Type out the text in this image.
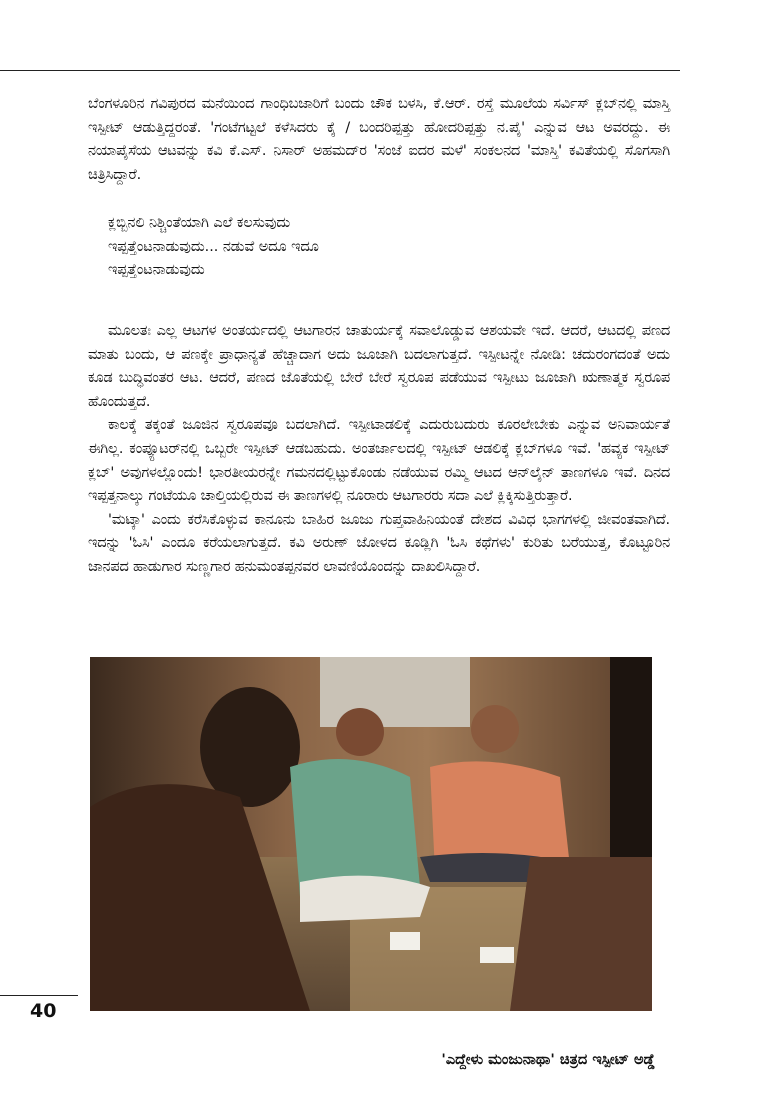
ಬೆಂಗಳೂರಿನ ಗವಿಪುರದ ಮನೆಯಿಂದ ಗಾಂಧಿಬಜಾರಿಗೆ ಬಂದು ಚೌಕ ಬಳಸಿ, ಕೆ.ಆರ್. ರಸ್ತೆ ಮೂಲೆಯ ಸರ್ವಿಸ್ ಕ್ಲಬ್‌ನಲ್ಲಿ ಮಾಸ್ತಿ ಇಸ್ಪೀಟ್ ಆಡುತ್ತಿದ್ದರಂತೆ. 'ಗಂಟೆಗಟ್ಟಲೆ ಕಳೆಸಿದರು ಕೈ / ಬಂದರಿಪ್ಪತ್ತು ಹೋದರಿಪ್ಪತ್ತು ನ.ಪೈ' ಎನ್ನುವ ಆಟ ಅವರದ್ದು. ಈ ನಯಾಪೈಸೆಯ ಆಟವನ್ನು ಕವಿ ಕೆ.ಎಸ್. ನಿಸಾರ್ ಅಹಮದ್‌ರ 'ಸಂಜೆ ಐದರ ಮಳೆ' ಸಂಕಲನದ 'ಮಾಸ್ತಿ' ಕವಿತೆಯಲ್ಲಿ ಸೊಗಸಾಗಿ ಚಿತ್ರಿಸಿದ್ದಾರೆ.

ಕ್ಲಬ್ಬಿನಲಿ ನಿಶ್ಚಿಂತೆಯಾಗಿ ಎಲೆ ಕಲಸುವುದು
ಇಪ್ಪತ್ತೆಂಟನಾಡುವುದು... ನಡುವೆ ಅದೂ ಇದೂ
ಇಪ್ಪತ್ತೆಂಟನಾಡುವುದು

ಮೂಲತಃ ಎಲ್ಲ ಆಟಗಳ ಅಂತರ್ಯದಲ್ಲಿ ಆಟಗಾರನ ಚಾತುರ್ಯಕ್ಕೆ ಸವಾಲೊಡ್ಡುವ ಆಶಯವೇ ಇದೆ. ಆದರೆ, ಆಟದಲ್ಲಿ ಪಣದ ಮಾತು ಬಂದು, ಆ ಪಣಕ್ಕೇ ಪ್ರಾಧಾನ್ಯತೆ ಹೆಚ್ಚಾದಾಗ ಅದು ಜೂಜಾಗಿ ಬದಲಾಗುತ್ತದೆ. ಇಸ್ಪೀಟನ್ನೇ ನೋಡಿ: ಚದುರಂಗದಂತೆ ಅದು ಕೂಡ ಬುದ್ಧಿವಂತರ ಆಟ. ಆದರೆ, ಪಣದ ಜೊತೆಯಲ್ಲಿ ಬೇರೆ ಬೇರೆ ಸ್ವರೂಪ ಪಡೆಯುವ ಇಸ್ಪೀಟು ಜೂಜಾಗಿ ಋಣಾತ್ಮಕ ಸ್ವರೂಪ ಹೊಂದುತ್ತದೆ.

ಕಾಲಕ್ಕೆ ತಕ್ಕಂತೆ ಜೂಜಿನ ಸ್ವರೂಪವೂ ಬದಲಾಗಿದೆ. ಇಸ್ಪೀಟಾಡಲಿಕ್ಕೆ ಎದುರುಬದುರು ಕೂರಲೇಬೇಕು ಎನ್ನುವ ಅನಿವಾರ್ಯತೆ ಈಗಿಲ್ಲ. ಕಂಪ್ಯೂಟರ್‌ನಲ್ಲಿ ಒಬ್ಬರೇ ಇಸ್ಪೀಟ್ ಆಡಬಹುದು. ಅಂತರ್ಜಾಲದಲ್ಲಿ ಇಸ್ಪೀಟ್ ಆಡಲಿಕ್ಕೆ ಕ್ಲಬ್‌ಗಳೂ ಇವೆ. 'ಹವ್ಯಕ ಇಸ್ಪೀಟ್ ಕ್ಲಬ್' ಅವುಗಳಲ್ಲೊಂದು! ಭಾರತೀಯರನ್ನೇ ಗಮನದಲ್ಲಿಟ್ಟುಕೊಂಡು ನಡೆಯುವ ರಮ್ಮಿ ಆಟದ ಆನ್‌ಲೈನ್ ತಾಣಗಳೂ ಇವೆ. ದಿನದ ಇಪ್ಪತ್ತನಾಲ್ಕು ಗಂಟೆಯೂ ಚಾಲ್ತಿಯಲ್ಲಿರುವ ಈ ತಾಣಗಳಲ್ಲಿ ನೂರಾರು ಆಟಗಾರರು ಸದಾ ಎಲೆ ಕ್ಲಿಕ್ಕಿಸುತ್ತಿರುತ್ತಾರೆ.

'ಮಟ್ಕಾ' ಎಂದು ಕರೆಸಿಕೊಳ್ಳುವ ಕಾನೂನು ಬಾಹಿರ ಜೂಜು ಗುಪ್ತವಾಹಿನಿಯಂತೆ ದೇಶದ ವಿವಿಧ ಭಾಗಗಳಲ್ಲಿ ಜೀವಂತವಾಗಿದೆ. ಇದನ್ನು 'ಓಸಿ' ಎಂದೂ ಕರೆಯಲಾಗುತ್ತದೆ. ಕವಿ ಅರುಣ್ ಜೋಳದ ಕೂಡ್ಲಿಗಿ 'ಓಸಿ ಕಥೆಗಳು' ಕುರಿತು ಬರೆಯುತ್ತ, ಕೊಟ್ಟೂರಿನ ಜಾನಪದ ಹಾಡುಗಾರ ಸುಣ್ಣಗಾರ ಹನುಮಂತಪ್ಪನವರ ಲಾವಣಿಯೊಂದನ್ನು ದಾಖಲಿಸಿದ್ದಾರೆ.

40
'ಎದ್ದೇಳು ಮಂಜುನಾಥಾ' ಚಿತ್ರದ ಇಸ್ಪೀಟ್ ಅಡ್ಡೆ
